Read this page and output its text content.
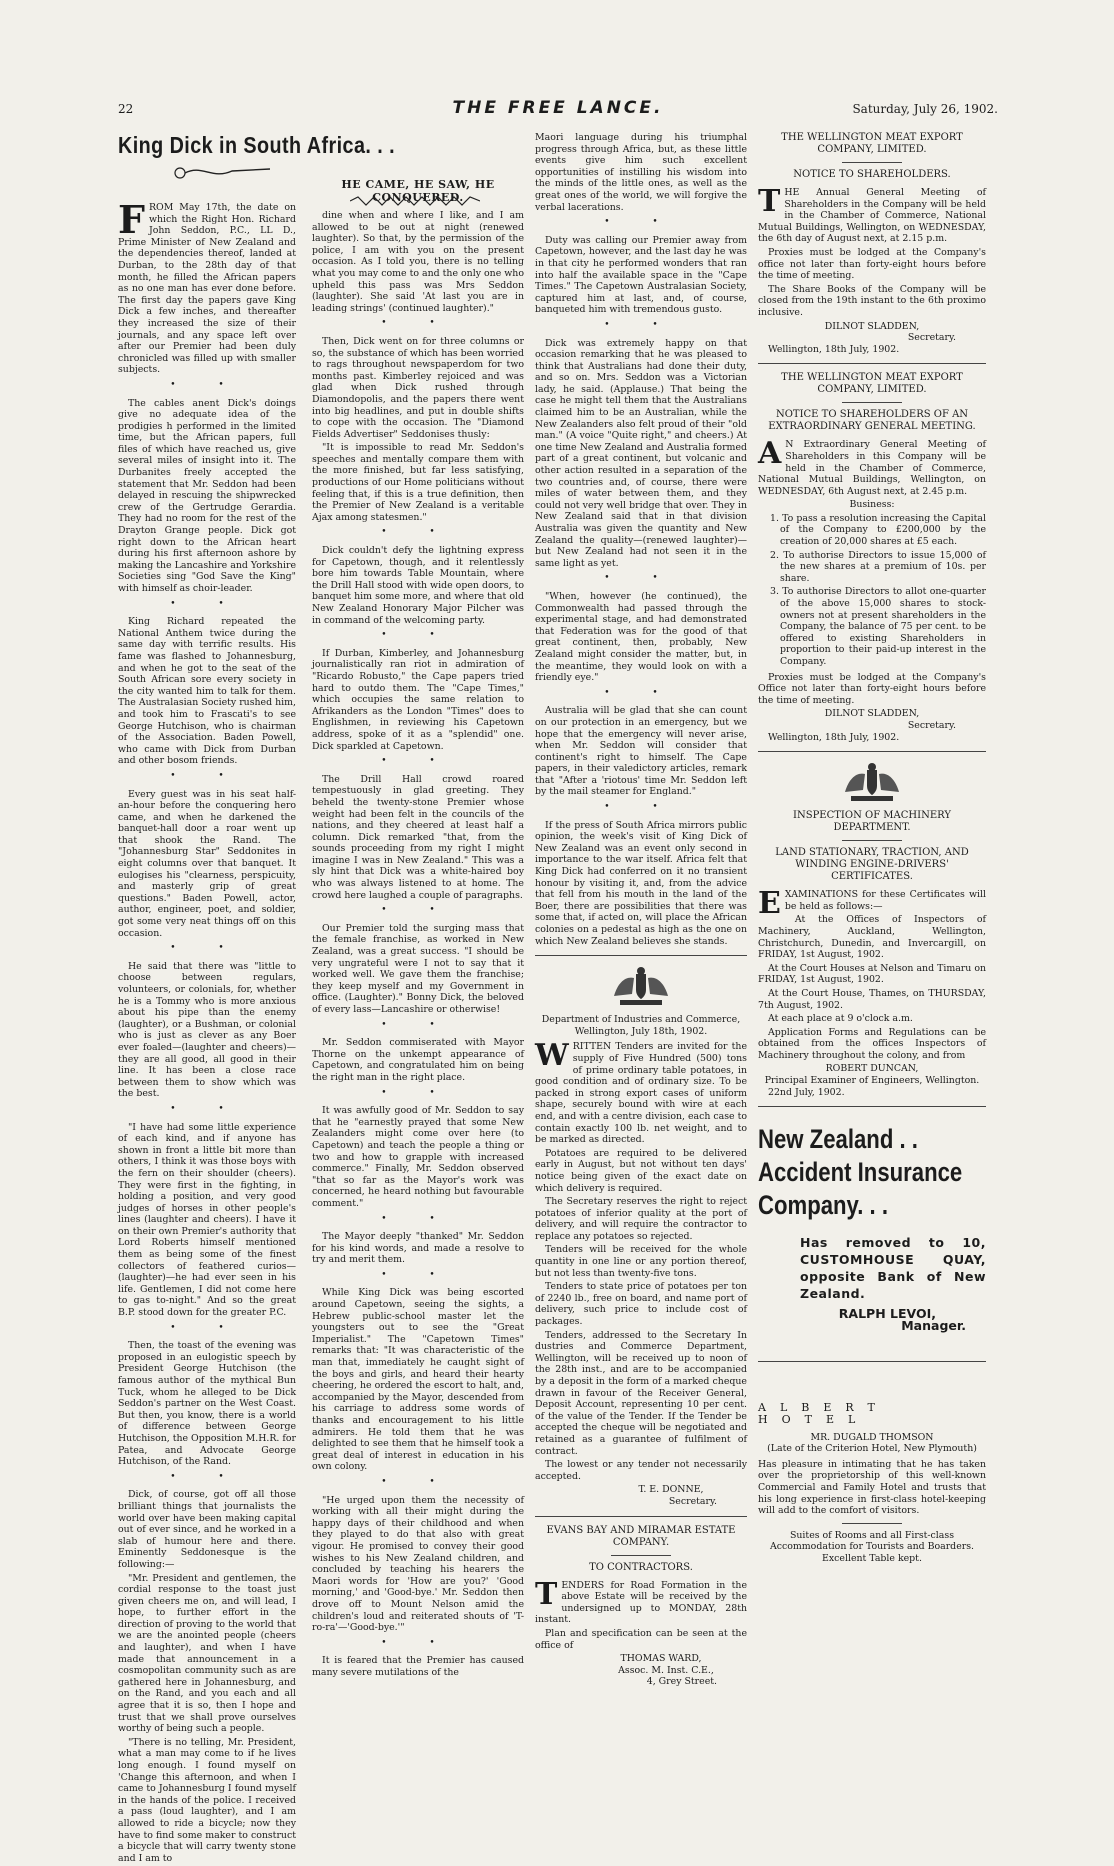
22	THE FREE LANCE.	Saturday, July 26, 1902.
King Dick in South Africa. . .
HE CAME, HE SAW, HE CONQUERED.

FROM May 17th, the date on which the Right Hon. Richard John Seddon, P.C., LL D., Prime Minister of New Zealand and the dependencies thereof, landed at Durban, to the 28th day of that month, he filled the African papers as no one man has ever done before. The first day the papers gave King Dick a few inches, and thereafter they increased the size of their journals, and any space left over after our Premier had been duly chronicled was filled up with smaller subjects.

• •

The cables anent Dick's doings give no adequate idea of the prodigies h performed in the limited time, but the African papers, full files of which have reached us, give several miles of insight into it. The Durbanites freely accepted the statement that Mr. Seddon had been delayed in rescuing the shipwrecked crew of the Gertrudge Gerardia. They had no room for the rest of the Drayton Grange people. Dick got right down to the African heart during his first afternoon ashore by making the Lancashire and Yorkshire Societies sing "God Save the King" with himself as choir-leader.

• •

King Richard repeated the National Anthem twice during the same day with terrific results. His fame was flashed to Johannesburg, and when he got to the seat of the South African sore every society in the city wanted him to talk for them. The Australasian Society rushed him, and took him to Frascati's to see George Hutchison, who is chairman of the Association. Baden Powell, who came with Dick from Durban and other bosom friends.

• •

Every guest was in his seat half-an-hour before the conquering hero came, and when he darkened the banquet-hall door a roar went up that shook the Rand. The "Johannesburg Star" Seddonites in eight columns over that banquet. It eulogises his "clearness, perspicuity, and masterly grip of great questions." Baden Powell, actor, author, engineer, poet, and soldier, got some very neat things off on this occasion.

• •

He said that there was "little to choose between regulars, volunteers, or colonials, for, whether he is a Tommy who is more anxious about his pipe than the enemy (laughter), or a Bushman, or colonial who is just as clever as any Boer ever foaled—(laughter and cheers)—they are all good, all good in their line. It has been a close race between them to show which was the best.

• •

"I have had some little experience of each kind, and if anyone has shown in front a little bit more than others, I think it was those boys with the fern on their shoulder (cheers). They were first in the fighting, in holding a position, and very good judges of horses in other people's lines (laughter and cheers). I have it on their own Premier's authority that Lord Roberts himself mentioned them as being some of the finest collectors of feathered curios—(laughter)—he had ever seen in his life. Gentlemen, I did not come here to gas to-night." And so the great B.P. stood down for the greater P.C.

• •

Then, the toast of the evening was proposed in an eulogistic speech by President George Hutchison (the famous author of the mythical Bun Tuck, whom he alleged to be Dick Seddon's partner on the West Coast. But then, you know, there is a world of difference between George Hutchison, the Opposition M.H.R. for Patea, and Advocate George Hutchison, of the Rand.

• •

Dick, of course, got off all those brilliant things that journalists the world over have been making capital out of ever since, and he worked in a slab of humour here and there. Eminently Seddonesque is the following:—

"Mr. President and gentlemen, the cordial response to the toast just given cheers me on, and will lead, I hope, to further effort in the direction of proving to the world that we are the anointed people (cheers and laughter), and when I have made that announcement in a cosmopolitan community such as are gathered here in Johannesburg, and on the Rand, and you each and all agree that it is so, then I hope and trust that we shall prove ourselves worthy of being such a people.

"There is no telling, Mr. President, what a man may come to if he lives long enough. I found myself on 'Change this afternoon, and when I came to Johannesburg I found myself in the hands of the police. I received a pass (loud laughter), and I am allowed to ride a bicycle; now they have to find some maker to construct a bicycle that will carry twenty stone and I am to

dine when and where I like, and I am allowed to be out at night (renewed laughter). So that, by the permission of the police, I am with you on the present occasion. As I told you, there is no telling what you may come to and the only one who upheld this pass was Mrs Seddon (laughter). She said 'At last you are in leading strings' (continued laughter)."

• •

Then, Dick went on for three columns or so, the substance of which has been worried to rags throughout newspaperdom for two months past. Kimberley rejoiced and was glad when Dick rushed through Diamondopolis, and the papers there went into big headlines, and put in double shifts to cope with the occasion. The "Diamond Fields Advertiser" Seddonises thusly:

"It is impossible to read Mr. Seddon's speeches and mentally compare them with the more finished, but far less satisfying, productions of our Home politicians without feeling that, if this is a true definition, then the Premier of New Zealand is a veritable Ajax among statesmen."

• •

Dick couldn't defy the lightning express for Capetown, though, and it relentlessly bore him towards Table Mountain, where the Drill Hall stood with wide open doors, to banquet him some more, and where that old New Zealand Honorary Major Pilcher was in command of the welcoming party.

• •

If Durban, Kimberley, and Johannesburg journalistically ran riot in admiration of "Ricardo Robusto," the Cape papers tried hard to outdo them. The "Cape Times," which occupies the same relation to Afrikanders as the London "Times" does to Englishmen, in reviewing his Capetown address, spoke of it as a "splendid" one. Dick sparkled at Capetown.

• •

The Drill Hall crowd roared tempestuously in glad greeting. They beheld the twenty-stone Premier whose weight had been felt in the councils of the nations, and they cheered at least half a column. Dick remarked "that, from the sounds proceeding from my right I might imagine I was in New Zealand." This was a sly hint that Dick was a white-haired boy who was always listened to at home. The crowd here laughed a couple of paragraphs.

• •

Our Premier told the surging mass that the female franchise, as worked in New Zealand, was a great success. "I should be very ungrateful were I not to say that it worked well. We gave them the franchise; they keep myself and my Government in office. (Laughter)." Bonny Dick, the beloved of every lass—Lancashire or otherwise!

• •

Mr. Seddon commiserated with Mayor Thorne on the unkempt appearance of Capetown, and congratulated him on being the right man in the right place.

• •

It was awfully good of Mr. Seddon to say that he "earnestly prayed that some New Zealanders might come over here (to Capetown) and teach the people a thing or two and how to grapple with increased commerce." Finally, Mr. Seddon observed "that so far as the Mayor's work was concerned, he heard nothing but favourable comment."

• •

The Mayor deeply "thanked" Mr. Seddon for his kind words, and made a resolve to try and merit them.

• •

While King Dick was being escorted around Capetown, seeing the sights, a Hebrew public-school master let the youngsters out to see the "Great Imperialist." The "Capetown Times" remarks that: "It was characteristic of the man that, immediately he caught sight of the boys and girls, and heard their hearty cheering, he ordered the escort to halt, and, accompanied by the Mayor, descended from his carriage to address some words of thanks and encouragement to his little admirers. He told them that he was delighted to see them that he himself took a great deal of interest in education in his own colony.

• •

"He urged upon them the necessity of working with all their might during the happy days of their childhood and when they played to do that also with great vigour. He promised to convey their good wishes to his New Zealand children, and concluded by teaching his hearers the Maori words for 'How are you?' 'Good morning,' and 'Good-bye.' Mr. Seddon then drove off to Mount Nelson amid the children's loud and reiterated shouts of 'T-ro-ra'—'Good-bye.'"

• •

It is feared that the Premier has caused many severe mutilations of the

Maori language during his triumphal progress through Africa, but, as these little events give him such excellent opportunities of instilling his wisdom into the minds of the little ones, as well as the great ones of the world, we will forgive the verbal lacerations.

• •

Duty was calling our Premier away from Capetown, however, and the last day he was in that city he performed wonders that ran into half the available space in the "Cape Times." The Capetown Australasian Society, captured him at last, and, of course, banqueted him with tremendous gusto.

• •

Dick was extremely happy on that occasion remarking that he was pleased to think that Australians had done their duty, and so on. Mrs. Seddon was a Victorian lady, he said. (Applause.) That being the case he might tell them that the Australians claimed him to be an Australian, while the New Zealanders also felt proud of their "old man." (A voice "Quite right," and cheers.) At one time New Zealand and Australia formed part of a great continent, but volcanic and other action resulted in a separation of the two countries and, of course, there were miles of water between them, and they could not very well bridge that over. They in New Zealand said that in that division Australia was given the quantity and New Zealand the quality—(renewed laughter)—but New Zealand had not seen it in the same light as yet.

• •

"When, however (he continued), the Commonwealth had passed through the experimental stage, and had demonstrated that Federation was for the good of that great continent, then, probably, New Zealand might consider the matter, but, in the meantime, they would look on with a friendly eye."

• •

Australia will be glad that she can count on our protection in an emergency, but we hope that the emergency will never arise, when Mr. Seddon will consider that continent's right to himself. The Cape papers, in their valedictory articles, remark that "After a 'riotous' time Mr. Seddon left by the mail steamer for England."

• •

If the press of South Africa mirrors public opinion, the week's visit of King Dick of New Zealand was an event only second in importance to the war itself. Africa felt that King Dick had conferred on it no transient honour by visiting it, and, from the advice that fell from his mouth in the land of the Boer, there are possibilities that there was some that, if acted on, will place the African colonies on a pedestal as high as the one on which New Zealand believes she stands.

Department of Industries and Commerce,
Wellington, July 18th, 1902.

WRITTEN Tenders are invited for the supply of Five Hundred (500) tons of prime ordinary table potatoes, in good condition and of ordinary size. To be packed in strong export cases of uniform shape, securely bound with wire at each end, and with a centre division, each case to contain exactly 100 lb. net weight, and to be marked as directed.

Potatoes are required to be delivered early in August, but not without ten days' notice being given of the exact date on which delivery is required.

The Secretary reserves the right to reject potatoes of inferior quality at the port of delivery, and will require the contractor to replace any potatoes so rejected.

Tenders will be received for the whole quantity in one line or any portion thereof, but not less than twenty-five tons.

Tenders to state price of potatoes per ton of 2240 lb., free on board, and name port of delivery, such price to include cost of packages.

Tenders, addressed to the Secretary In dustries and Commerce Department, Wellington, will be received up to noon of the 28th inst., and are to be accompanied by a deposit in the form of a marked cheque drawn in favour of the Receiver General, Deposit Account, representing 10 per cent. of the value of the Tender. If the Tender be accepted the cheque will be negotiated and retained as a guarantee of fulfilment of contract.

The lowest or any tender not necessarily accepted.

T. E. DONNE,
Secretary.
EVANS BAY AND MIRAMAR ESTATE COMPANY.
TO CONTRACTORS.

TENDERS for Road Formation in the above Estate will be received by the undersigned up to MONDAY, 28th instant.

Plan and specification can be seen at the office of

THOMAS WARD,
Assoc. M. Inst. C.E.,
4, Grey Street.
THE WELLINGTON MEAT EXPORT COMPANY, LIMITED.
NOTICE TO SHAREHOLDERS.

THE Annual General Meeting of Shareholders in the Company will be held in the Chamber of Commerce, National Mutual Buildings, Wellington, on WEDNESDAY, the 6th day of August next, at 2.15 p.m.

Proxies must be lodged at the Company's office not later than forty-eight hours before the time of meeting.

The Share Books of the Company will be closed from the 19th instant to the 6th proximo inclusive.

DILNOT SLADDEN,
Secretary.

Wellington, 18th July, 1902.

THE WELLINGTON MEAT EXPORT COMPANY, LIMITED.
NOTICE TO SHAREHOLDERS OF AN EXTRAORDINARY GENERAL MEETING.

A N Extraordinary General Meeting of Shareholders in this Company will be held in the Chamber of Commerce, National Mutual Buildings, Wellington, on WEDNESDAY, 6th August next, at 2.45 p.m.

Business:
1. To pass a resolution increasing the Capital of the Company to £200,000 by the creation of 20,000 shares at £5 each.
2. To authorise Directors to issue 15,000 of the new shares at a premium of 10s. per share.
3. To authorise Directors to allot one-quarter of the above 15,000 shares to stock-owners not at present shareholders in the Company, the balance of 75 per cent. to be offered to existing Shareholders in proportion to their paid-up interest in the Company.

Proxies must be lodged at the Company's Office not later than forty-eight hours before the time of meeting.

DILNOT SLADDEN,
Secretary.

Wellington, 18th July, 1902.

INSPECTION OF MACHINERY DEPARTMENT.
LAND STATIONARY, TRACTION, AND WINDING ENGINE-DRIVERS' CERTIFICATES.

EXAMINATIONS for these Certificates will be held as follows:—

At the Offices of Inspectors of Machinery, Auckland, Wellington, Christchurch, Dunedin, and Invercargill, on FRIDAY, 1st August, 1902.

At the Court Houses at Nelson and Timaru on FRIDAY, 1st August, 1902.

At the Court House, Thames, on THURSDAY, 7th August, 1902.

At each place at 9 o'clock a.m.

Application Forms and Regulations can be obtained from the offices Inspectors of Machinery throughout the colony, and from

ROBERT DUNCAN,
Principal Examiner of Engineers, Wellington.

22nd July, 1902.

New Zealand . .
Accident Insurance
Company. . .
Has removed to 10, CUSTOMHOUSE QUAY, opposite Bank of New Zealand.
RALPH LEVOI,
Manager.
ALBERT HOTEL
MR. DUGALD THOMSON
(Late of the Criterion Hotel, New Plymouth)

Has pleasure in intimating that he has taken over the proprietorship of this well-known Commercial and Family Hotel and trusts that his long experience in first-class hotel-keeping will add to the comfort of visitors.

Suites of Rooms and all First-class Accommodation for Tourists and Boarders.
Excellent Table kept.
